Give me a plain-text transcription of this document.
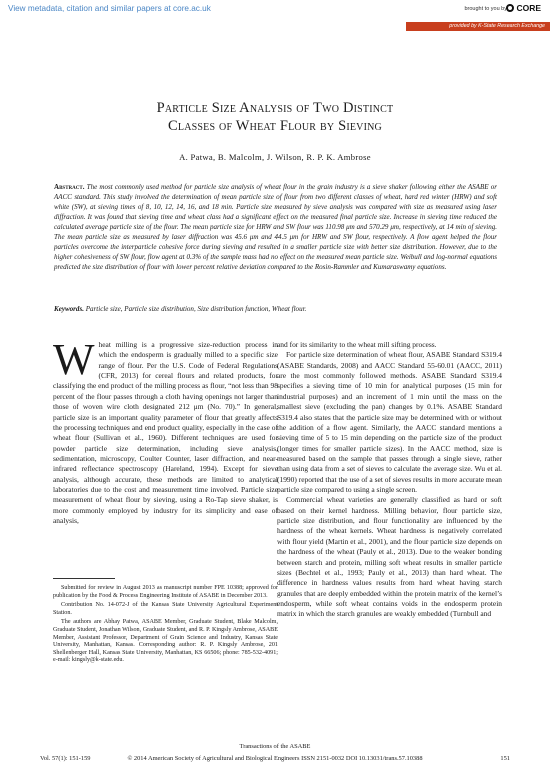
View metadata, citation and similar papers at core.ac.uk	brought to you by CORE
provided by K-State Research Exchange
Particle Size Analysis of Two Distinct
Classes of Wheat Flour by Sieving
A. Patwa, B. Malcolm, J. Wilson, R. P. K. Ambrose
Abstract. The most commonly used method for particle size analysis of wheat flour in the grain industry is a sieve shaker following either the ASABE or AACC standard. This study involved the determination of mean particle size of flour from two different classes of wheat, hard red winter (HRW) and soft white (SW), at sieving times of 8, 10, 12, 14, 16, and 18 min. Particle size measured by sieve analysis was compared with size as measured using laser diffraction. It was found that sieving time and wheat class had a significant effect on the measured final particle size. Increase in sieving time reduced the calculated average particle size of the flour. The mean particle size for HRW and SW flour was 110.98 μm and 570.29 μm, respectively, at 14 min of sieving. The mean particle size as measured by laser diffraction was 45.6 μm and 44.5 μm for HRW and SW flour, respectively. A flow agent helped the flour particles overcome the interparticle cohesive force during sieving and resulted in a smaller particle size with better size distribution. However, due to the higher cohesiveness of SW flour, flow agent at 0.3% of the sample mass had no effect on the measured mean particle size. Weibull and log-normal equations predicted the size distribution of flour with lower percent relative deviation compared to the Rosin-Rammler and Kumaraswamy equations.
Keywords. Particle size, Particle size distribution, Size distribution function, Wheat flour.

Wheat milling is a progressive size-reduction process in which the endosperm is gradually milled to a specific size range of flour. Per the U.S. Code of Federal Regulations (CFR, 2013) for cereal flours and related products, for classifying the end product of the milling process as flour, “not less than 98 percent of the flour passes through a cloth having openings not larger than those of woven wire cloth designated 212 μm (No. 70).” In general, particle size is an important quality parameter of flour that greatly affects the processing techniques and end product quality, especially in the case of wheat flour (Sullivan et al., 1960). Different techniques are used for powder particle size determination, including sieve analysis, sedimentation, microscopy, Coulter Counter, laser diffraction, and near-infrared reflectance spectroscopy (Hareland, 1994). Except for sieve analysis, although accurate, these methods are limited to analytical laboratories due to the cost and measurement time involved. Particle size measurement of wheat flour by sieving, using a Ro-Tap sieve shaker, is more commonly employed by industry for its simplicity and ease of analysis,

Submitted for review in August 2013 as manuscript number FPE 10388; approved for publication by the Food & Process Engineering Institute of ASABE in December 2013.

Contribution No. 14-072-J of the Kansas State University Agricultural Experiment Station.

The authors are Abhay Patwa, ASABE Member, Graduate Student, Blake Malcolm, Graduate Student, Jonathan Wilson, Graduate Student, and R. P. Kingsly Ambrose, ASABE Member, Assistant Professor, Department of Grain Science and Industry, Kansas State University, Manhattan, Kansas. Corresponding author: R. P. Kingsly Ambrose, 201 Shellenberger Hall, Kansas State University, Manhattan, KS 66506; phone: 785-532-4091; e-mail: kingsly@k-state.edu.

and for its similarity to the wheat mill sifting process.

For particle size determination of wheat flour, ASABE Standard S319.4 (ASABE Standards, 2008) and AACC Standard 55-60.01 (AACC, 2011) are the most commonly followed methods. ASABE Standard S319.4 specifies a sieving time of 10 min for analytical purposes (15 min for industrial purposes) and an increment of 1 min until the mass on the smallest sieve (excluding the pan) changes by 0.1%. ASABE Standard S319.4 also states that the particle size may be determined with or without the addition of a flow agent. Similarly, the AACC standard mentions a sieving time of 5 to 15 min depending on the particle size of the product (longer times for smaller particle sizes). In the AACC method, size is measured based on the sample that passes through a single sieve, rather than using data from a set of sieves to calculate the average size. Wu et al. (1990) reported that the use of a set of sieves results in more accurate mean particle size compared to using a single screen.

Commercial wheat varieties are generally classified as hard or soft based on their kernel hardness. Milling behavior, flour particle size, particle size distribution, and flour functionality are influenced by the hardness of the wheat kernels. Wheat hardness is negatively correlated with flour yield (Martin et al., 2001), and the flour particle size depends on the hardness of the wheat (Pauly et al., 2013). Due to the weaker bonding between starch and protein, milling soft wheat results in smaller particle sizes (Bechtel et al., 1993; Pauly et al., 2013) than hard wheat. The difference in hardness values results from hard wheat having starch granules that are deeply embedded within the protein matrix of the kernel’s endosperm, while soft wheat contains voids in the endosperm protein matrix in which the starch granules are weakly embedded (Turnbull and

Transactions of the ASABE
Vol. 57(1): 151-159	© 2014 American Society of Agricultural and Biological Engineers ISSN 2151-0032 DOI 10.13031/trans.57.10388	151
